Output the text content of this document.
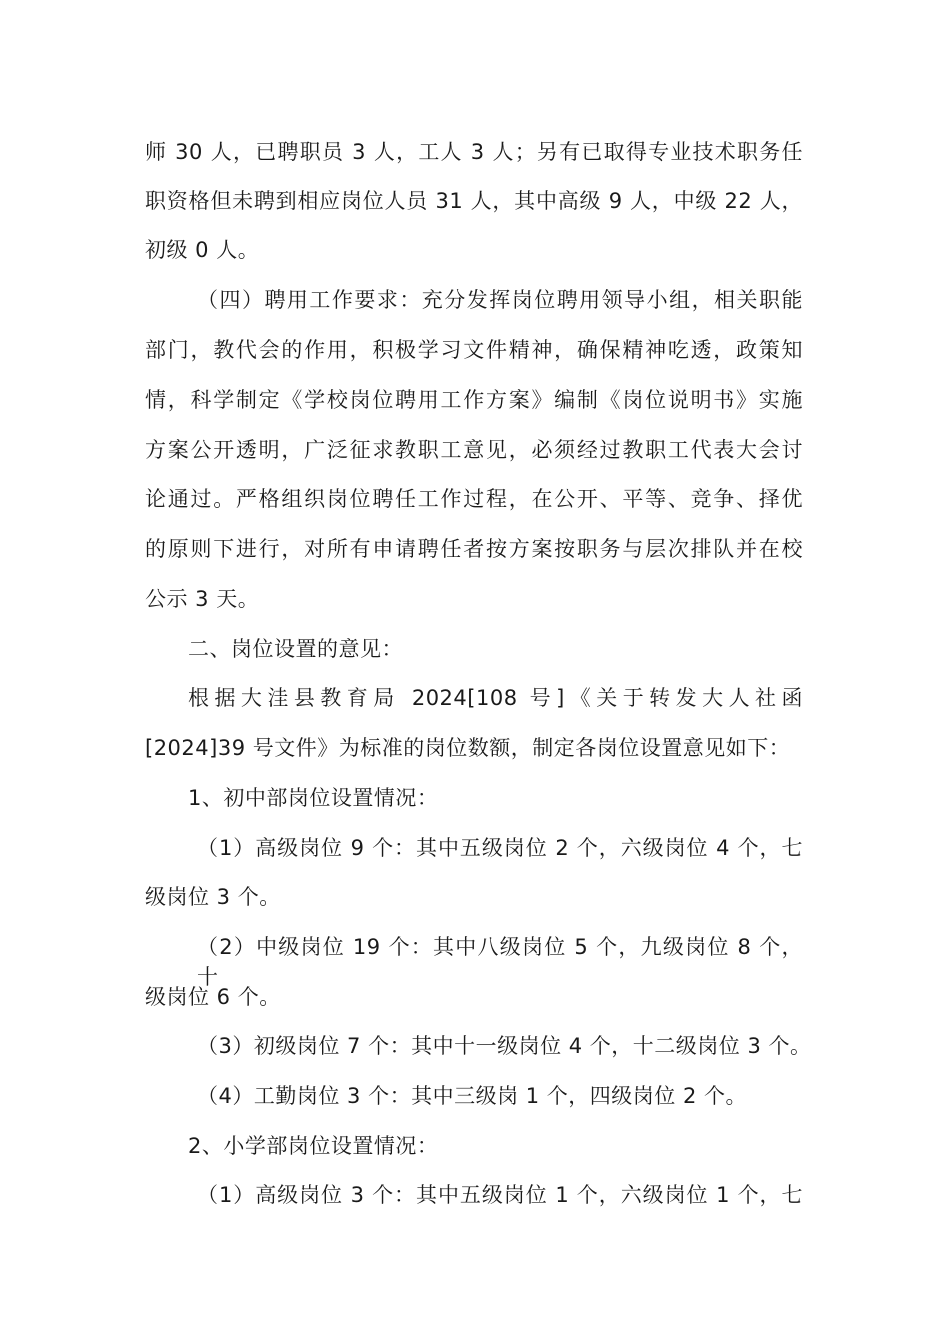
师 30 人，已聘职员 3 人，工人 3 人；另有已取得专业技术职务任
职资格但未聘到相应岗位人员 31 人，其中高级 9 人，中级 22 人，
初级 0 人。
（四）聘用工作要求：充分发挥岗位聘用领导小组，相关职能
部门，教代会的作用，积极学习文件精神，确保精神吃透，政策知
情，科学制定《学校岗位聘用工作方案》编制《岗位说明书》实施
方案公开透明，广泛征求教职工意见，必须经过教职工代表大会讨
论通过。严格组织岗位聘任工作过程，在公开、平等、竞争、择优
的原则下进行，对所有申请聘任者按方案按职务与层次排队并在校
公示 3 天。
二、岗位设置的意见：
根据大洼县教育局 2024[108 号]《关于转发大人社函
[2024]39 号文件》为标准的岗位数额，制定各岗位设置意见如下：
1、初中部岗位设置情况：
（1）高级岗位 9 个：其中五级岗位 2 个，六级岗位 4 个，七
级岗位 3 个。
（2）中级岗位 19 个：其中八级岗位 5 个，九级岗位 8 个，十
级岗位 6 个。
（3）初级岗位 7 个：其中十一级岗位 4 个，十二级岗位 3 个。
（4）工勤岗位 3 个：其中三级岗 1 个，四级岗位 2 个。
2、小学部岗位设置情况：
（1）高级岗位 3 个：其中五级岗位 1 个，六级岗位 1 个，七
